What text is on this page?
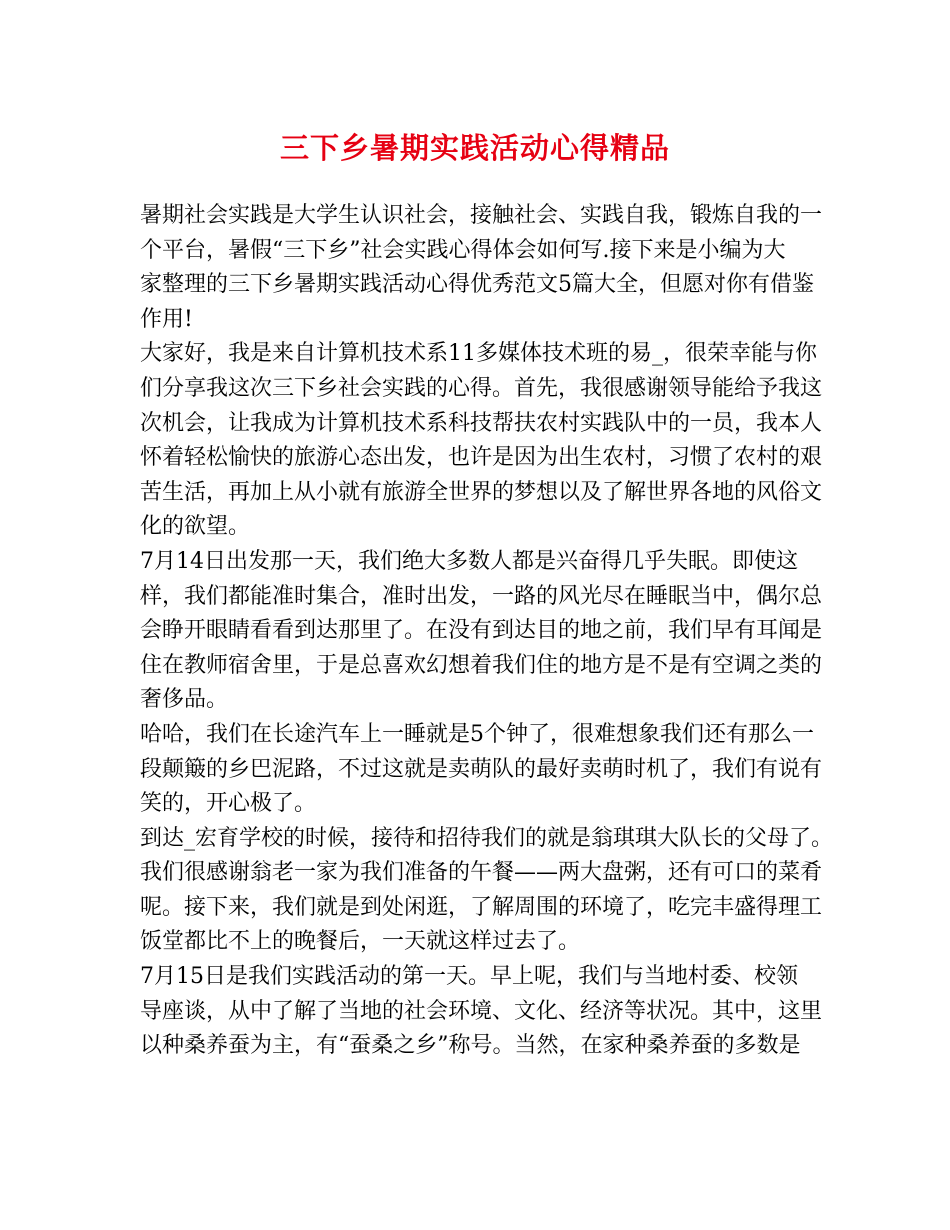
三下乡暑期实践活动心得精品
暑期社会实践是大学生认识社会，接触社会、实践自我，锻炼自我的一
个平台，暑假“三下乡”社会实践心得体会如何写.接下来是小编为大
家整理的三下乡暑期实践活动心得优秀范文5篇大全，但愿对你有借鉴
作用!
大家好，我是来自计算机技术系11多媒体技术班的易_，很荣幸能与你
们分享我这次三下乡社会实践的心得。首先，我很感谢领导能给予我这
次机会，让我成为计算机技术系科技帮扶农村实践队中的一员，我本人
怀着轻松愉快的旅游心态出发，也许是因为出生农村，习惯了农村的艰
苦生活，再加上从小就有旅游全世界的梦想以及了解世界各地的风俗文
化的欲望。
7月14日出发那一天，我们绝大多数人都是兴奋得几乎失眠。即使这
样，我们都能准时集合，准时出发，一路的风光尽在睡眠当中，偶尔总
会睁开眼睛看看到达那里了。在没有到达目的地之前，我们早有耳闻是
住在教师宿舍里，于是总喜欢幻想着我们住的地方是不是有空调之类的
奢侈品。
哈哈，我们在长途汽车上一睡就是5个钟了，很难想象我们还有那么一
段颠簸的乡巴泥路，不过这就是卖萌队的最好卖萌时机了，我们有说有
笑的，开心极了。
到达_宏育学校的时候，接待和招待我们的就是翁琪琪大队长的父母了。
我们很感谢翁老一家为我们准备的午餐——两大盘粥，还有可口的菜肴
呢。接下来，我们就是到处闲逛，了解周围的环境了，吃完丰盛得理工
饭堂都比不上的晚餐后，一天就这样过去了。
7月15日是我们实践活动的第一天。早上呢，我们与当地村委、校领
导座谈，从中了解了当地的社会环境、文化、经济等状况。其中，这里
以种桑养蚕为主，有“蚕桑之乡”称号。当然，在家种桑养蚕的多数是
